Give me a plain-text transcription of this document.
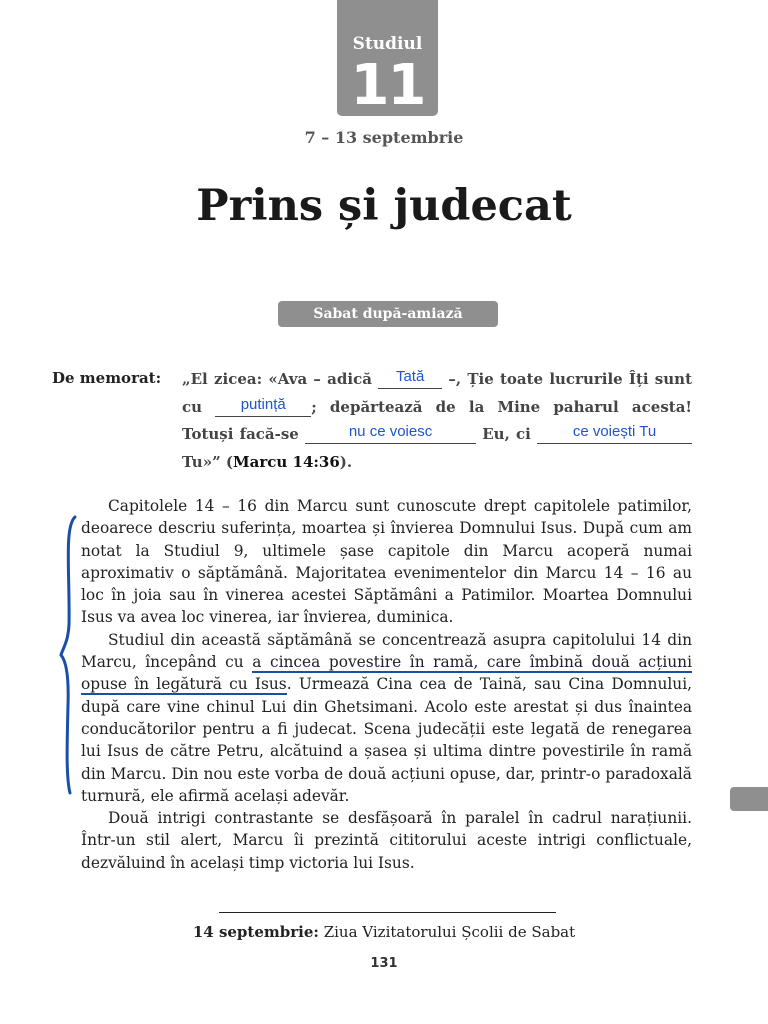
Studiul
11
7 – 13 septembrie
Prins și judecat
Sabat după-amiază
De memorat: „El zicea: «Ava – adică Tată –, Ție toate lucrurile Îți sunt cu putință ; depărtează de la Mine paharul acesta! Totuși facă-se	nu ce voiesc	Eu, ci ce voiești Tu Tu»” (Marcu 14:36).

Capitolele 14 – 16 din Marcu sunt cunoscute drept capitolele patimilor, deoarece descriu suferința, moartea și învierea Domnului Isus. După cum am notat la Studiul 9, ultimele șase capitole din Marcu acoperă numai aproximativ o săptămână. Majoritatea evenimentelor din Marcu 14 – 16 au loc în joia sau în vinerea acestei Săptămâni a Patimilor. Moartea Domnului Isus va avea loc vinerea, iar învierea, duminica.

Studiul din această săptămână se concentrează asupra capitolului 14 din Marcu, începând cu a cincea povestire în ramă, care îmbină două acțiuni opuse în legătură cu Isus. Urmează Cina cea de Taină, sau Cina Domnului, după care vine chinul Lui din Ghetsimani. Acolo este arestat și dus înaintea conducătorilor pentru a fi judecat. Scena judecății este legată de renegarea lui Isus de către Petru, alcătuind a șasea și ultima dintre povestirile în ramă din Marcu. Din nou este vorba de două acțiuni opuse, dar, printr-o paradoxală turnură, ele afirmă același adevăr.

Două intrigi contrastante se desfășoară în paralel în cadrul narațiunii. Într-un stil alert, Marcu îi prezintă cititorului aceste intrigi conflictuale, dezvăluind în același timp victoria lui Isus.

14 septembrie: Ziua Vizitatorului Școlii de Sabat
131
